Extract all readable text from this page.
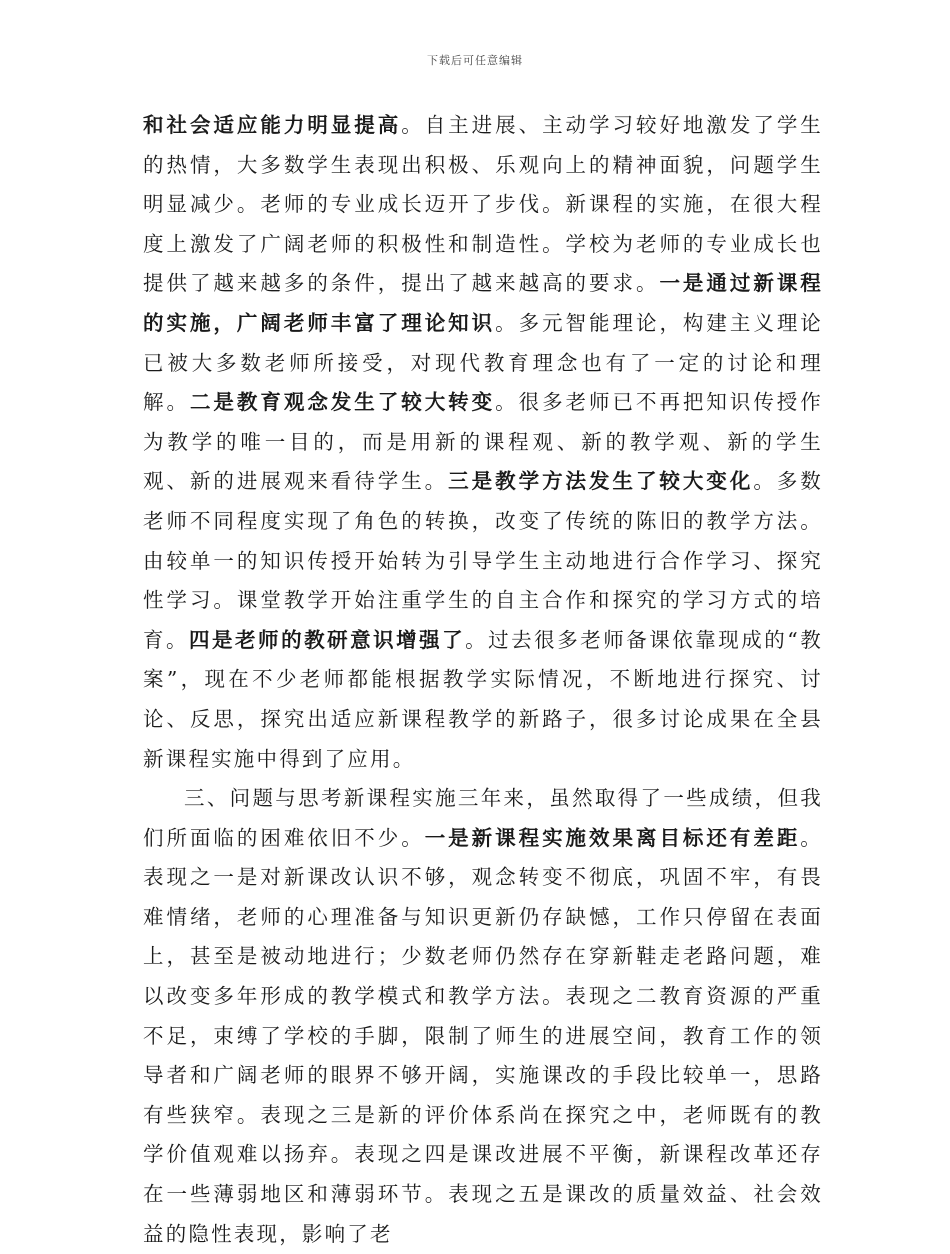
下载后可任意编辑

和社会适应能力明显提高。自主进展、主动学习较好地激发了学生的热情，大多数学生表现出积极、乐观向上的精神面貌，问题学生明显减少。老师的专业成长迈开了步伐。新课程的实施，在很大程度上激发了广阔老师的积极性和制造性。学校为老师的专业成长也提供了越来越多的条件，提出了越来越高的要求。一是通过新课程的实施，广阔老师丰富了理论知识。多元智能理论，构建主义理论已被大多数老师所接受，对现代教育理念也有了一定的讨论和理解。二是教育观念发生了较大转变。很多老师已不再把知识传授作为教学的唯一目的，而是用新的课程观、新的教学观、新的学生观、新的进展观来看待学生。三是教学方法发生了较大变化。多数老师不同程度实现了角色的转换，改变了传统的陈旧的教学方法。由较单一的知识传授开始转为引导学生主动地进行合作学习、探究性学习。课堂教学开始注重学生的自主合作和探究的学习方式的培育。四是老师的教研意识增强了。过去很多老师备课依靠现成的“教案”，现在不少老师都能根据教学实际情况，不断地进行探究、讨论、反思，探究出适应新课程教学的新路子，很多讨论成果在全县新课程实施中得到了应用。

三、问题与思考新课程实施三年来，虽然取得了一些成绩，但我们所面临的困难依旧不少。一是新课程实施效果离目标还有差距。表现之一是对新课改认识不够，观念转变不彻底，巩固不牢，有畏难情绪，老师的心理准备与知识更新仍存缺憾，工作只停留在表面上，甚至是被动地进行；少数老师仍然存在穿新鞋走老路问题，难以改变多年形成的教学模式和教学方法。表现之二教育资源的严重不足，束缚了学校的手脚，限制了师生的进展空间，教育工作的领导者和广阔老师的眼界不够开阔，实施课改的手段比较单一，思路有些狭窄。表现之三是新的评价体系尚在探究之中，老师既有的教学价值观难以扬弃。表现之四是课改进展不平衡，新课程改革还存在一些薄弱地区和薄弱环节。表现之五是课改的质量效益、社会效益的隐性表现，影响了老
